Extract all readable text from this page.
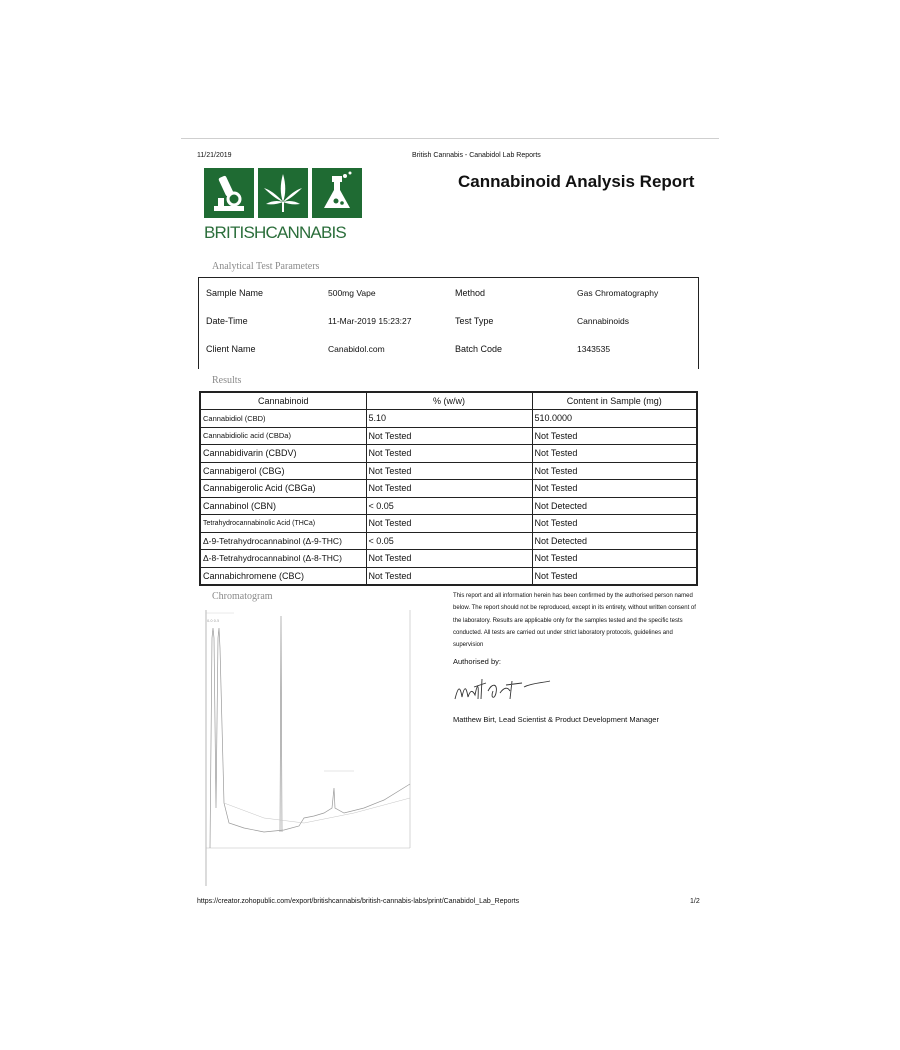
11/21/2019	British Cannabis - Canabidol Lab Reports
BRITISHCANNABIS
Cannabinoid Analysis Report
Analytical Test Parameters
Sample Name	500mg Vape	Method	Gas Chromatography
Date-Time	11-Mar-2019 15:23:27	Test Type	Cannabinoids
Client Name	Canabidol.com	Batch Code	1343535
Results
Cannabinoid	% (w/w)	Content in Sample (mg)
Cannabidiol (CBD)	5.10	510.0000
Cannabidiolic acid (CBDa)	Not Tested	Not Tested
Cannabidivarin (CBDV)	Not Tested	Not Tested
Cannabigerol (CBG)	Not Tested	Not Tested
Cannabigerolic Acid (CBGa)	Not Tested	Not Tested
Cannabinol (CBN)	< 0.05	Not Detected
Tetrahydrocannabinolic Acid (THCa)	Not Tested	Not Tested
Δ-9-Tetrahydrocannabinol (Δ-9-THC)	< 0.05	Not Detected
Δ-8-Tetrahydrocannabinol (Δ-8-THC)	Not Tested	Not Tested
Cannabichromene (CBC)	Not Tested	Not Tested
Chromatogram
0.0 0.5
This report and all information herein has been confirmed by the authorised person named below. The report should not be reproduced, except in its entirety, without written consent of the laboratory. Results are applicable only for the samples tested and the specific tests conducted. All tests are carried out under strict laboratory protocols, guidelines and supervision
Authorised by:
Matthew Birt, Lead Scientist & Product Development Manager
https://creator.zohopublic.com/export/britishcannabis/british-cannabis-labs/print/Canabidol_Lab_Reports	1/2
